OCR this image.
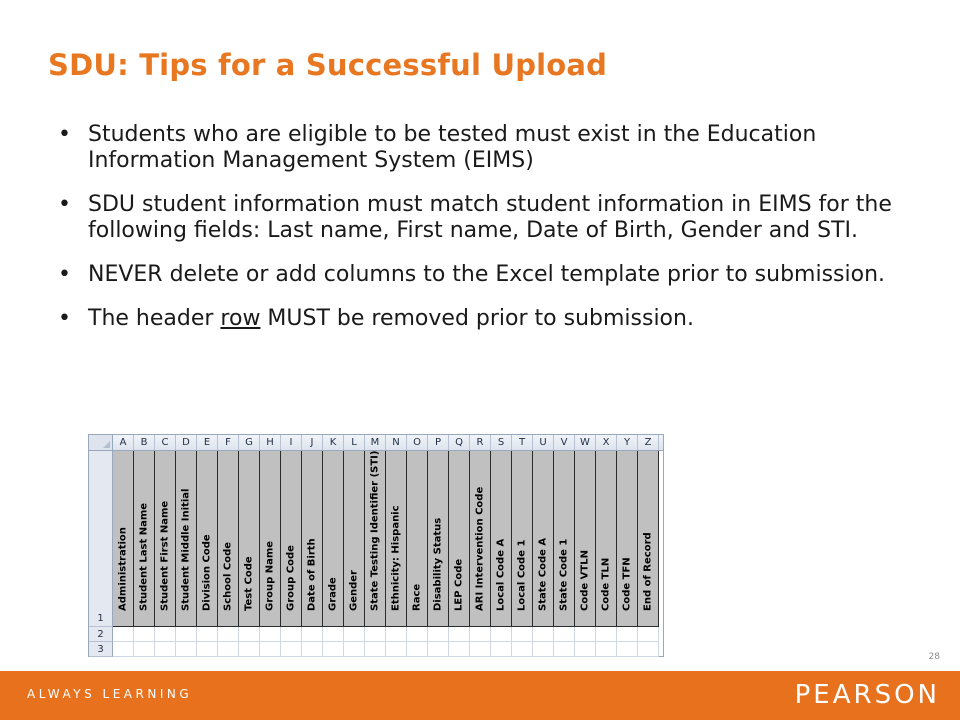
SDU: Tips for a Successful Upload
• Students who are eligible to be tested must exist in the Education Information Management System (EIMS)
• SDU student information must match student information in EIMS for the following fields: Last name, First name, Date of Birth, Gender and STI.
• NEVER delete or add columns to the Excel template prior to submission.
• The header row MUST be removed prior to submission.
A
Administration
B
Student Last Name
C
Student First Name
D
Student Middle Initial
E
Division Code
F
School Code
G
Test Code
H
Group Name
I
Group Code
J
Date of Birth
K
Grade
L
Gender
M
State Testing Identifier (STI)
N
Ethnicity: Hispanic
O
Race
P
Disability Status
Q
LEP Code
R
ARI Intervention Code
S
Local Code A
T
Local Code 1
U
State Code A
V
State Code 1
W
Code VTLN
X
Code TLN
Y
Code TFN
Z
End of Record
1
2
3
28
ALWAYS LEARNING	PEARSON
